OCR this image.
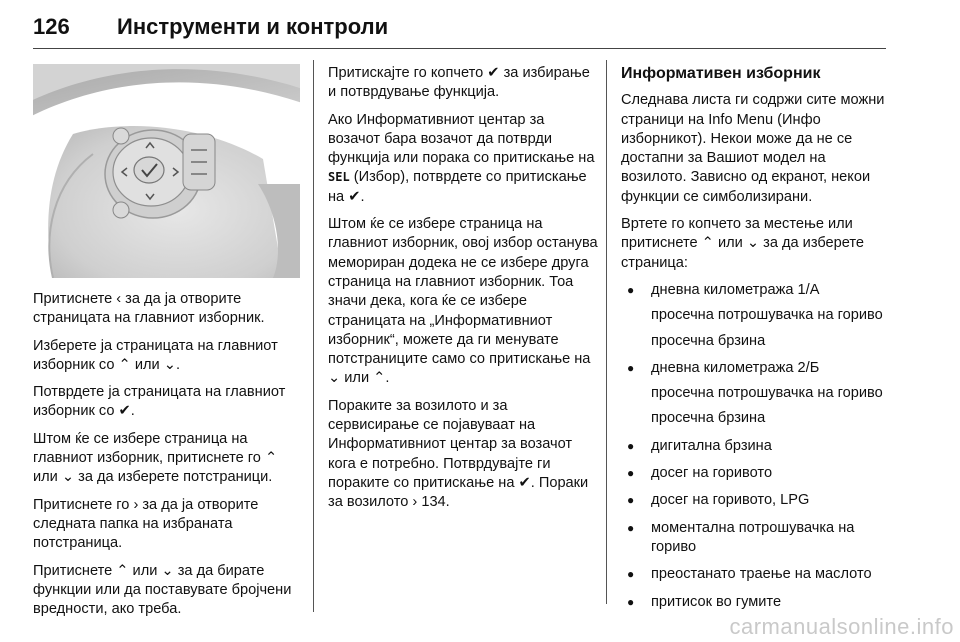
126 Инструменти и контроли

Притиснете ‹ за да ја отворите страницата на главниот изборник.

Изберете ја страницата на главниот изборник со ⌃ или ⌄.

Потврдете ја страницата на главниот изборник со ✔.

Штом ќе се избере страница на главниот изборник, притиснете го ⌃ или ⌄ за да изберете потстраници.

Притиснете го › за да ја отворите следната папка на избраната потстраница.

Притиснете ⌃ или ⌄ за да бирате функции или да поставувате бројчени вредности, ако треба.

Притискајте го копчето ✔ за избирање и потврдување функција.

Ако Информативниот центар за возачот бара возачот да потврди функција или порака со притискање на SEL (Избор), потврдете со притискање на ✔.

Штом ќе се избере страница на главниот изборник, овој избор останува мемориран додека не се избере друга страница на главниот изборник. Тоа значи дека, кога ќе се избере страницата на „Информативниот изборник“, можете да ги менувате потстраниците само со притискање на ⌄ или ⌃.

Пораките за возилото и за сервисирање се појавуваат на Информативниот центар за возачот кога е потребно. Потврдувајте ги пораките со притискање на ✔. Пораки за возилото › 134.

Информативен изборник

Следнава листа ги содржи сите можни страници на Info Menu (Инфо изборникот). Некои може да не се достапни за Вашиот модел на возилото. Зависно од екранот, некои функции се симболизирани.

Вртете го копчето за местење или притиснете ⌃ или ⌄ за да изберете страница:

● дневна километража 1/А
просечна потрошувачка на гориво
просечна брзина
● дневна километража 2/Б
просечна потрошувачка на гориво
просечна брзина
● дигитална брзина
● досег на горивото
● досег на горивото, LPG
● моментална потрошувачка на гориво
● преостанато траење на маслото
● притисок во гумите
carmanualsonline.info
